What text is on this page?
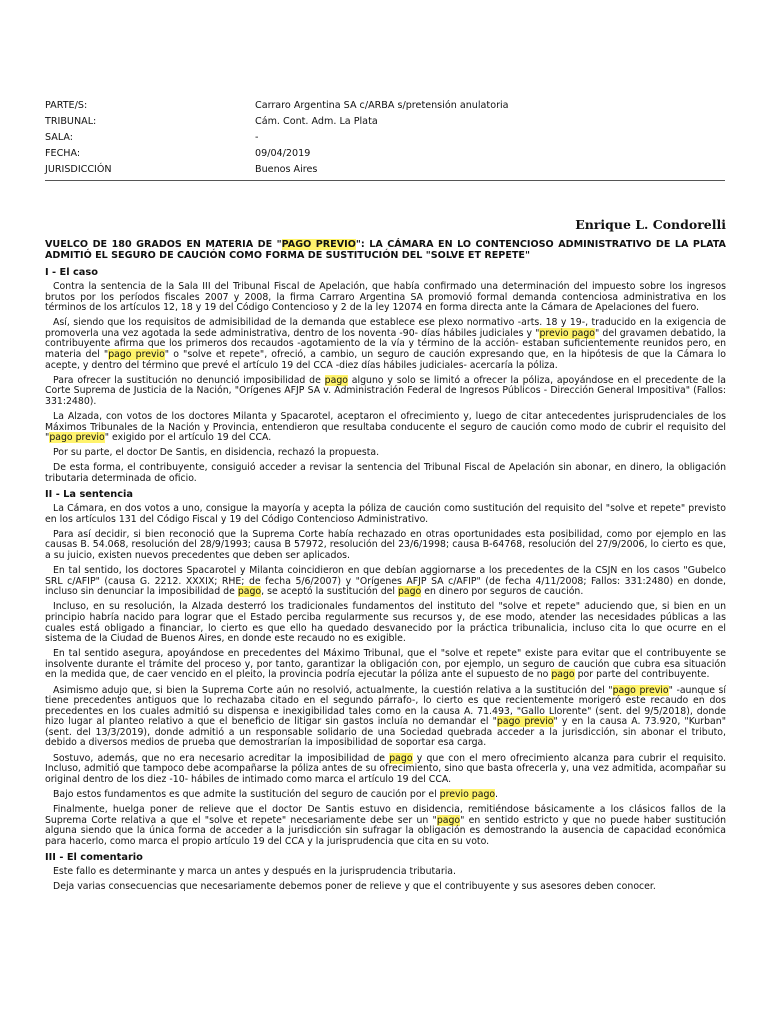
PARTE/S:	Carraro Argentina SA c/ARBA s/pretensión anulatoria
TRIBUNAL:	Cám. Cont. Adm. La Plata
SALA:	-
FECHA:	09/04/2019
JURISDICCIÓN	Buenos Aires
Enrique L. Condorelli
VUELCO DE 180 GRADOS EN MATERIA DE "PAGO PREVIO": LA CÁMARA EN LO CONTENCIOSO ADMINISTRATIVO DE LA PLATA ADMITIÓ EL SEGURO DE CAUCIÓN COMO FORMA DE SUSTITUCIÓN DEL "SOLVE ET REPETE"
I - El caso

Contra la sentencia de la Sala III del Tribunal Fiscal de Apelación, que había confirmado una determinación del impuesto sobre los ingresos brutos por los períodos fiscales 2007 y 2008, la firma Carraro Argentina SA promovió formal demanda contenciosa administrativa en los términos de los artículos 12, 18 y 19 del Código Contencioso y 2 de la ley 12074 en forma directa ante la Cámara de Apelaciones del fuero.

Así, siendo que los requisitos de admisibilidad de la demanda que establece ese plexo normativo -arts. 18 y 19-, traducido en la exigencia de promoverla una vez agotada la sede administrativa, dentro de los noventa -90- días hábiles judiciales y "previo pago" del gravamen debatido, la contribuyente afirma que los primeros dos recaudos -agotamiento de la vía y término de la acción- estaban suficientemente reunidos pero, en materia del "pago previo" o "solve et repete", ofreció, a cambio, un seguro de caución expresando que, en la hipótesis de que la Cámara lo acepte, y dentro del término que prevé el artículo 19 del CCA -diez días hábiles judiciales- acercaría la póliza.

Para ofrecer la sustitución no denunció imposibilidad de pago alguno y solo se limitó a ofrecer la póliza, apoyándose en el precedente de la Corte Suprema de Justicia de la Nación, "Orígenes AFJP SA v. Administración Federal de Ingresos Públicos - Dirección General Impositiva" (Fallos: 331:2480).

La Alzada, con votos de los doctores Milanta y Spacarotel, aceptaron el ofrecimiento y, luego de citar antecedentes jurisprudenciales de los Máximos Tribunales de la Nación y Provincia, entendieron que resultaba conducente el seguro de caución como modo de cubrir el requisito del "pago previo" exigido por el artículo 19 del CCA.

Por su parte, el doctor De Santis, en disidencia, rechazó la propuesta.

De esta forma, el contribuyente, consiguió acceder a revisar la sentencia del Tribunal Fiscal de Apelación sin abonar, en dinero, la obligación tributaria determinada de oficio.

II - La sentencia

La Cámara, en dos votos a uno, consigue la mayoría y acepta la póliza de caución como sustitución del requisito del "solve et repete" previsto en los artículos 131 del Código Fiscal y 19 del Código Contencioso Administrativo.

Para así decidir, si bien reconoció que la Suprema Corte había rechazado en otras oportunidades esta posibilidad, como por ejemplo en las causas B. 54.068, resolución del 28/9/1993; causa B 57972, resolución del 23/6/1998; causa B-64768, resolución del 27/9/2006, lo cierto es que, a su juicio, existen nuevos precedentes que deben ser aplicados.

En tal sentido, los doctores Spacarotel y Milanta coincidieron en que debían aggiornarse a los precedentes de la CSJN en los casos "Gubelco SRL c/AFIP" (causa G. 2212. XXXIX; RHE; de fecha 5/6/2007) y "Orígenes AFJP SA c/AFIP" (de fecha 4/11/2008; Fallos: 331:2480) en donde, incluso sin denunciar la imposibilidad de pago, se aceptó la sustitución del pago en dinero por seguros de caución.

Incluso, en su resolución, la Alzada desterró los tradicionales fundamentos del instituto del "solve et repete" aduciendo que, si bien en un principio habría nacido para lograr que el Estado perciba regularmente sus recursos y, de ese modo, atender las necesidades públicas a las cuales está obligado a financiar, lo cierto es que ello ha quedado desvanecido por la práctica tribunalicia, incluso cita lo que ocurre en el sistema de la Ciudad de Buenos Aires, en donde este recaudo no es exigible.

En tal sentido asegura, apoyándose en precedentes del Máximo Tribunal, que el "solve et repete" existe para evitar que el contribuyente se insolvente durante el trámite del proceso y, por tanto, garantizar la obligación con, por ejemplo, un seguro de caución que cubra esa situación en la medida que, de caer vencido en el pleito, la provincia podría ejecutar la póliza ante el supuesto de no pago por parte del contribuyente.

Asimismo adujo que, si bien la Suprema Corte aún no resolvió, actualmente, la cuestión relativa a la sustitución del "pago previo" -aunque sí tiene precedentes antiguos que lo rechazaba citado en el segundo párrafo-, lo cierto es que recientemente morigeró este recaudo en dos precedentes en los cuales admitió su dispensa e inexigibilidad tales como en la causa A. 71.493, "Gallo Llorente" (sent. del 9/5/2018), donde hizo lugar al planteo relativo a que el beneficio de litigar sin gastos incluía no demandar el "pago previo" y en la causa A. 73.920, "Kurban" (sent. del 13/3/2019), donde admitió a un responsable solidario de una Sociedad quebrada acceder a la jurisdicción, sin abonar el tributo, debido a diversos medios de prueba que demostrarían la imposibilidad de soportar esa carga.

Sostuvo, además, que no era necesario acreditar la imposibilidad de pago y que con el mero ofrecimiento alcanza para cubrir el requisito. Incluso, admitió que tampoco debe acompañarse la póliza antes de su ofrecimiento, sino que basta ofrecerla y, una vez admitida, acompañar su original dentro de los diez -10- hábiles de intimado como marca el artículo 19 del CCA.

Bajo estos fundamentos es que admite la sustitución del seguro de caución por el previo pago.

Finalmente, huelga poner de relieve que el doctor De Santis estuvo en disidencia, remitiéndose básicamente a los clásicos fallos de la Suprema Corte relativa a que el "solve et repete" necesariamente debe ser un "pago" en sentido estricto y que no puede haber sustitución alguna siendo que la única forma de acceder a la jurisdicción sin sufragar la obligación es demostrando la ausencia de capacidad económica para hacerlo, como marca el propio artículo 19 del CCA y la jurisprudencia que cita en su voto.

III - El comentario

Este fallo es determinante y marca un antes y después en la jurisprudencia tributaria.

Deja varias consecuencias que necesariamente debemos poner de relieve y que el contribuyente y sus asesores deben conocer.
